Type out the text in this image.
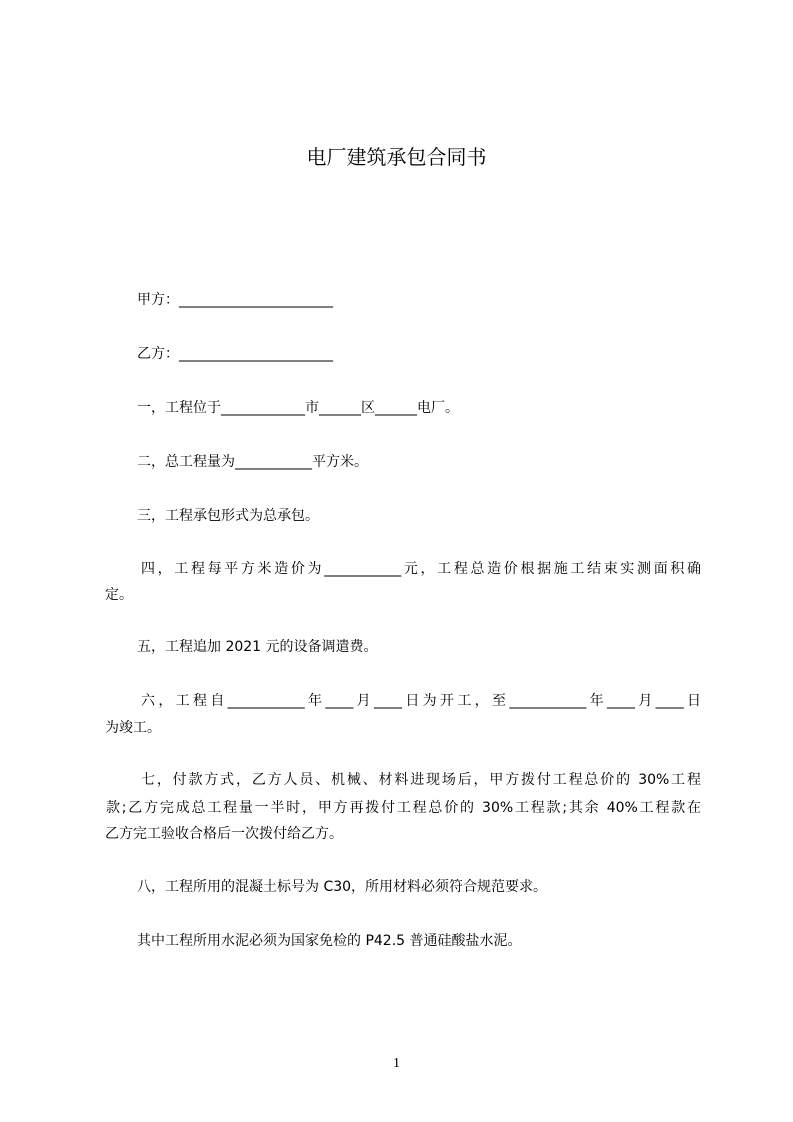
电厂建筑承包合同书
甲方：______________________
乙方：______________________
一，工程位于____________市______区______电厂。
二，总工程量为___________平方米。
三，工程承包形式为总承包。
四，工程每平方米造价为___________元，工程总造价根据施工结束实测面积确
定。
五，工程追加 2021 元的设备调遣费。
六，工程自___________年____月____日为开工，至___________年____月____日
为竣工。
七，付款方式，乙方人员、机械、材料进现场后，甲方拨付工程总价的 30%工程
款;乙方完成总工程量一半时，甲方再拨付工程总价的 30%工程款;其余 40%工程款在
乙方完工验收合格后一次拨付给乙方。
八，工程所用的混凝土标号为 C30，所用材料必须符合规范要求。
其中工程所用水泥必须为国家免检的 P42.5 普通硅酸盐水泥。
1
